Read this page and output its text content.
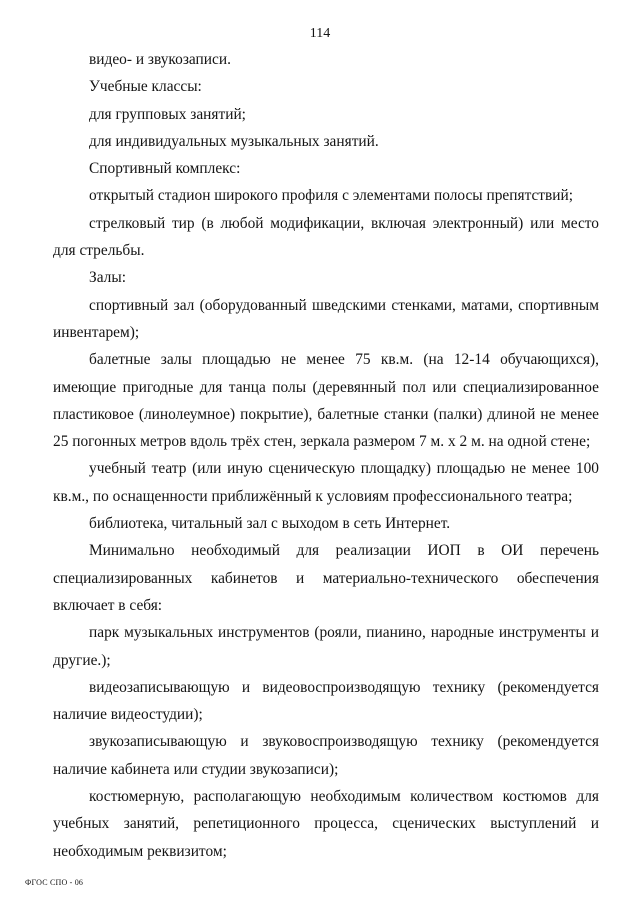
114

видео- и звукозаписи.

Учебные классы:

для групповых занятий;

для индивидуальных музыкальных занятий.

Спортивный комплекс:

открытый стадион широкого профиля с элементами полосы препятствий;

стрелковый тир (в любой модификации, включая электронный) или место для стрельбы.

Залы:

спортивный зал (оборудованный шведскими стенками, матами, спортивным инвентарем);

балетные залы площадью не менее 75 кв.м. (на 12-14 обучающихся), имеющие пригодные для танца полы (деревянный пол или специализированное пластиковое (линолеумное) покрытие), балетные станки (палки) длиной не менее 25 погонных метров вдоль трёх стен, зеркала размером 7 м. х 2 м. на одной стене;

учебный театр (или иную сценическую площадку) площадью не менее 100 кв.м., по оснащенности приближённый к условиям профессионального театра;

библиотека, читальный зал с выходом в сеть Интернет.

Минимально необходимый для реализации ИОП в ОИ перечень специализированных кабинетов и материально-технического обеспечения включает в себя:

парк музыкальных инструментов (рояли, пианино, народные инструменты и другие.);

видеозаписывающую и видеовоспроизводящую технику (рекомендуется наличие видеостудии);

звукозаписывающую и звуковоспроизводящую технику (рекомендуется наличие кабинета или студии звукозаписи);

костюмерную, располагающую необходимым количеством костюмов для учебных занятий, репетиционного процесса, сценических выступлений и необходимым реквизитом;

ФГОС СПО - 06
